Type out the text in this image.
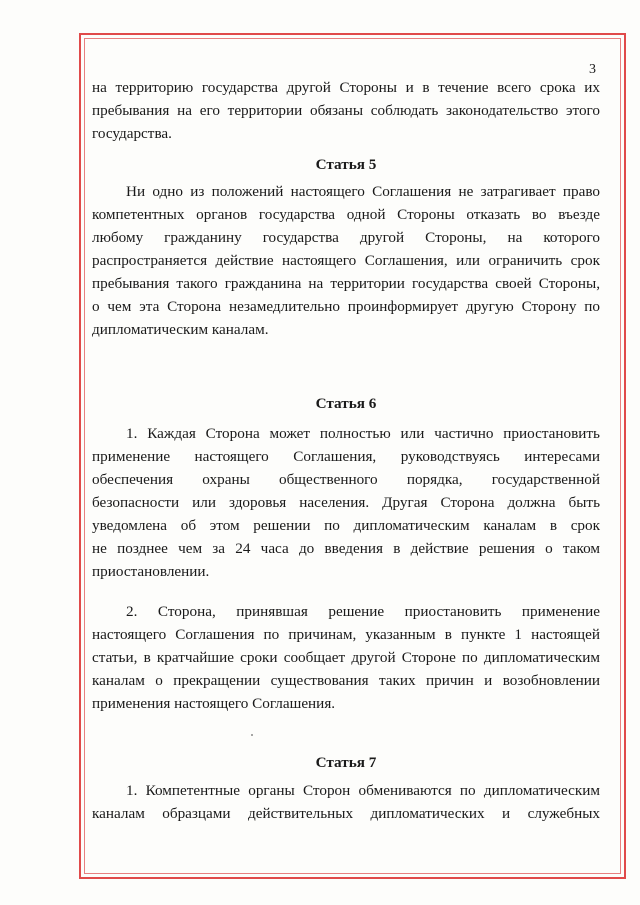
3
на территорию государства другой Стороны и в течение всего срока их
пребывания на его территории обязаны соблюдать законодательство этого
государства.
Статья 5
Ни одно из положений настоящего Соглашения не затрагивает право
компетентных органов государства одной Стороны отказать во въезде
любому гражданину государства другой Стороны, на которого
распространяется действие настоящего Соглашения, или ограничить срок
пребывания такого гражданина на территории государства своей Стороны,
о чем эта Сторона незамедлительно проинформирует другую Сторону по
дипломатическим каналам.
Статья 6
1. Каждая Сторона может полностью или частично приостановить
применение настоящего Соглашения, руководствуясь интересами
обеспечения охраны общественного порядка, государственной
безопасности или здоровья населения. Другая Сторона должна быть
уведомлена об этом решении по дипломатическим каналам в срок
не позднее чем за 24 часа до введения в действие решения о таком
приостановлении.
2. Сторона, принявшая решение приостановить применение
настоящего Соглашения по причинам, указанным в пункте 1 настоящей
статьи, в кратчайшие сроки сообщает другой Стороне по дипломатическим
каналам о прекращении существования таких причин и возобновлении
применения настоящего Соглашения.
Статья 7
1. Компетентные органы Сторон обмениваются по дипломатическим
каналам образцами действительных дипломатических и служебных
